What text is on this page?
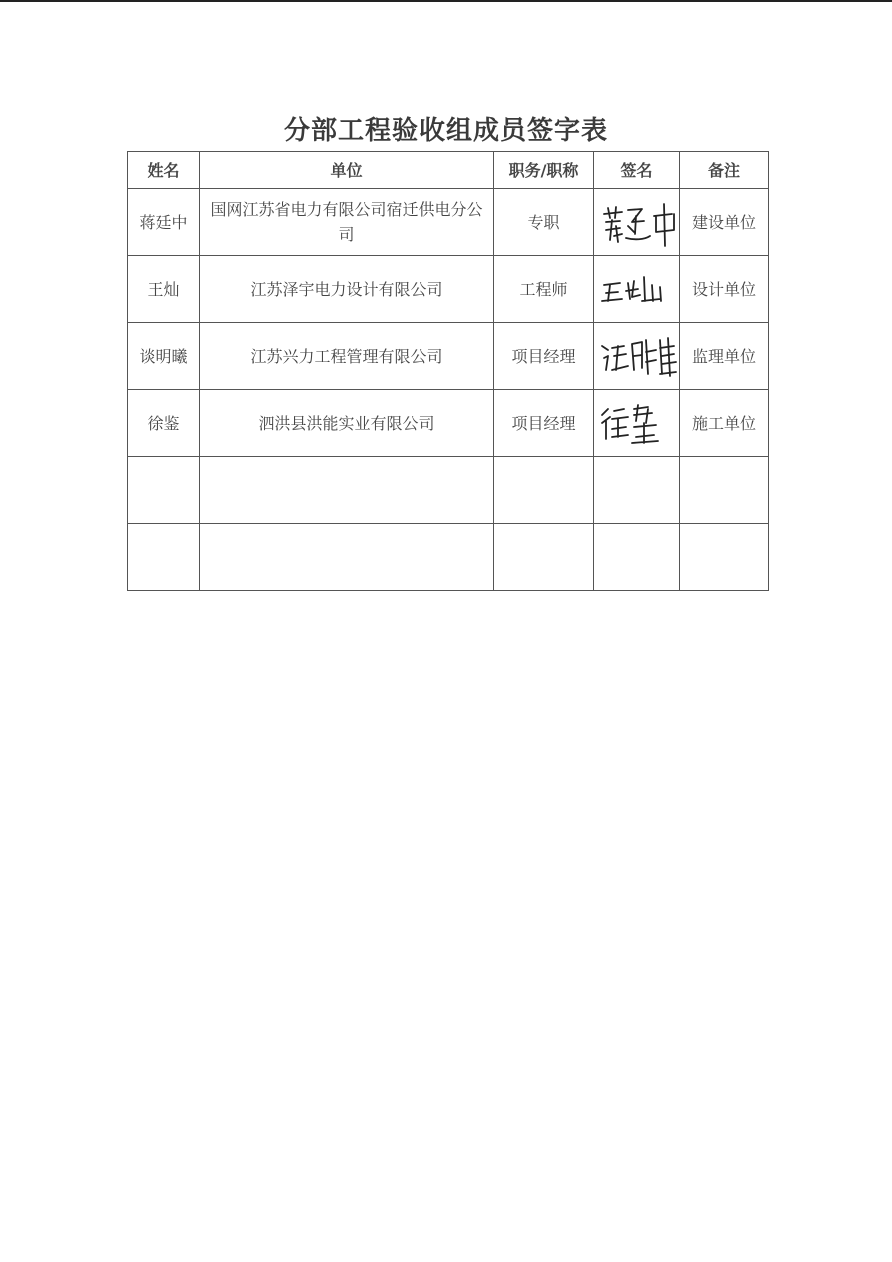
分部工程验收组成员签字表
姓名	单位	职务/职称	签名	备注
蒋廷中	国网江苏省电力有限公司宿迁供电分公司	专职		建设单位
王灿	江苏泽宇电力设计有限公司	工程师		设计单位
谈明曦	江苏兴力工程管理有限公司	项目经理		监理单位
徐鉴	泗洪县洪能实业有限公司	项目经理		施工单位
